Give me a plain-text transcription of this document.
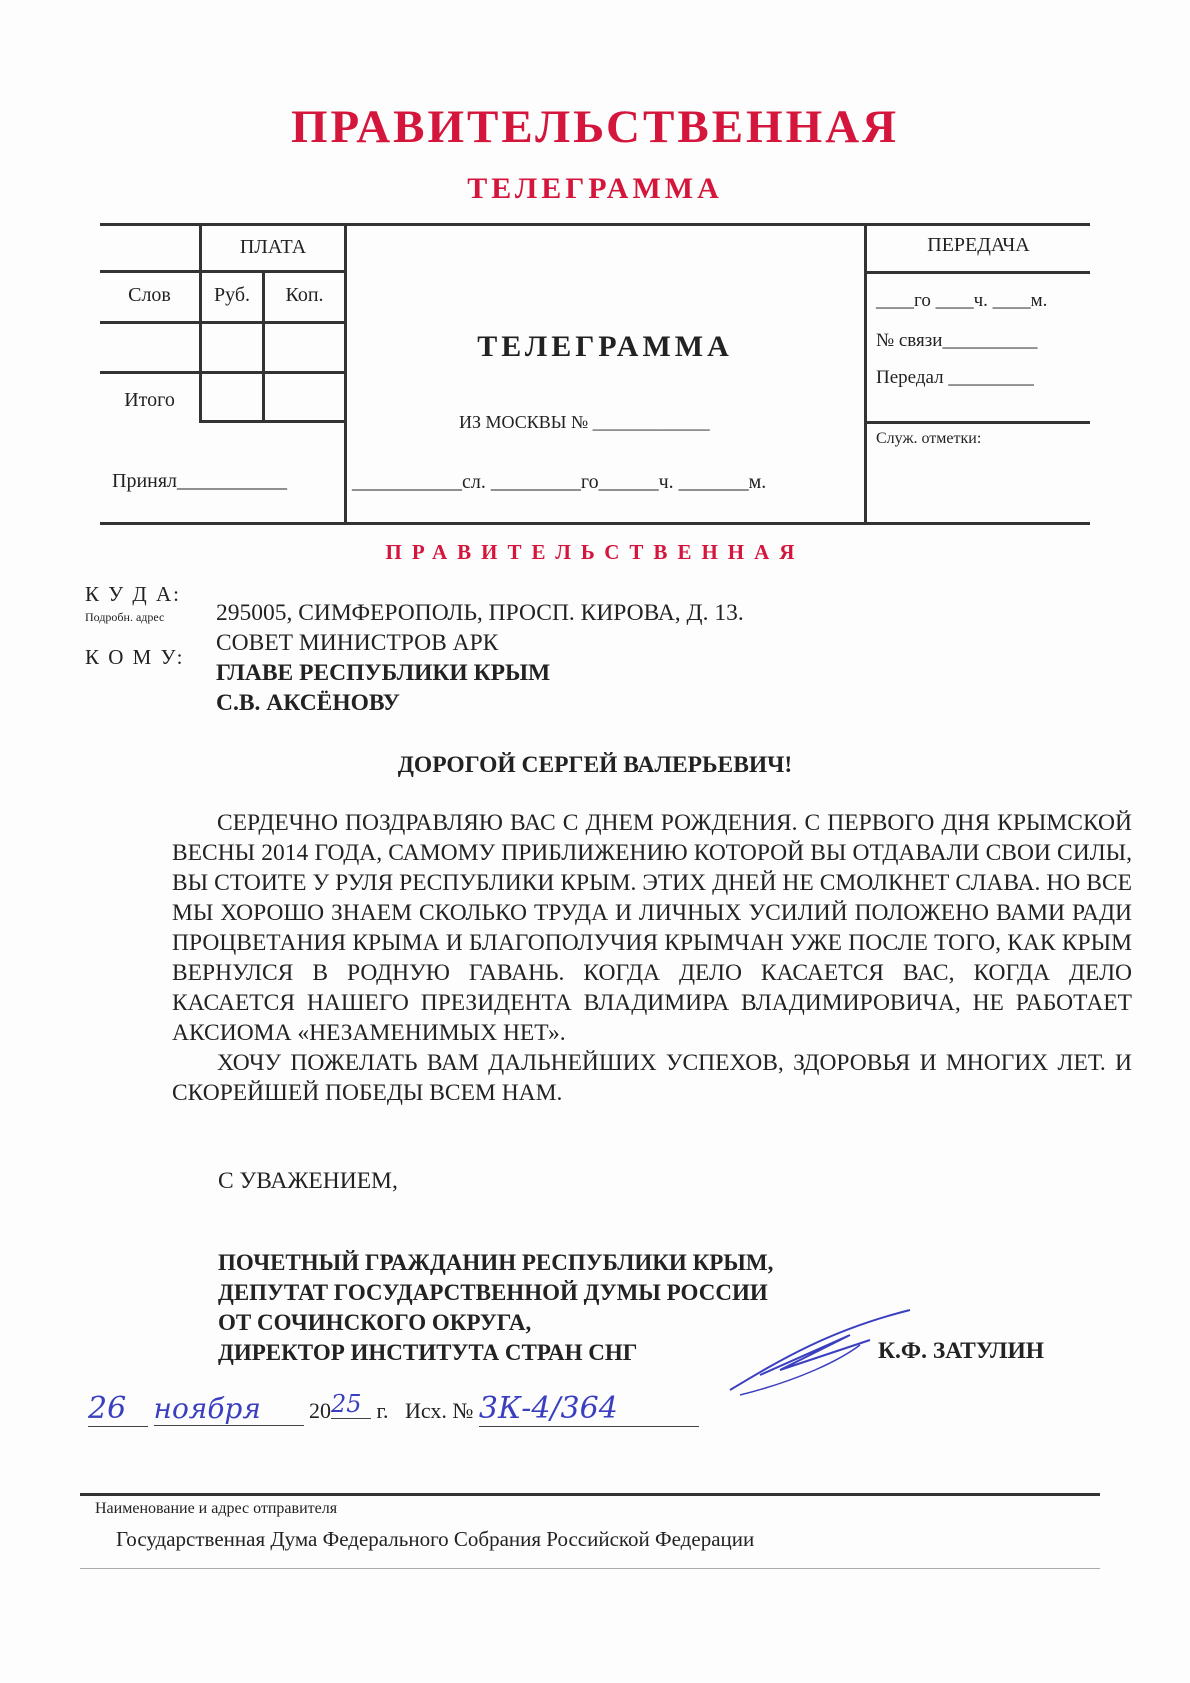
ПРАВИТЕЛЬСТВЕННАЯ
ТЕЛЕГРАММА
ПЛАТА
Слов	Руб.	Коп.
Итого
Принял___________
ТЕЛЕГРАММА
ИЗ МОСКВЫ № _____________
___________сл. _________го______ч. _______м.
ПЕРЕДАЧА
____го ____ч. ____м.
№ связи__________
Передал _________
Служ. отметки:
ПРАВИТЕЛЬСТВЕННАЯ
К У Д А:
Подробн. адрес 295005, СИМФЕРОПОЛЬ, ПРОСП. КИРОВА, Д. 13.
К О М У:
СОВЕТ МИНИСТРОВ АРК
ГЛАВЕ РЕСПУБЛИКИ КРЫМ
С.В. АКСЁНОВУ
ДОРОГОЙ СЕРГЕЙ ВАЛЕРЬЕВИЧ!

СЕРДЕЧНО ПОЗДРАВЛЯЮ ВАС С ДНЕМ РОЖДЕНИЯ. С ПЕРВОГО ДНЯ КРЫМСКОЙ ВЕСНЫ 2014 ГОДА, САМОМУ ПРИБЛИЖЕНИЮ КОТОРОЙ ВЫ ОТДАВАЛИ СВОИ СИЛЫ, ВЫ СТОИТЕ У РУЛЯ РЕСПУБЛИКИ КРЫМ. ЭТИХ ДНЕЙ НЕ СМОЛКНЕТ СЛАВА. НО ВСЕ МЫ ХОРОШО ЗНАЕМ СКОЛЬКО ТРУДА И ЛИЧНЫХ УСИЛИЙ ПОЛОЖЕНО ВАМИ РАДИ ПРОЦВЕТАНИЯ КРЫМА И БЛАГОПОЛУЧИЯ КРЫМЧАН УЖЕ ПОСЛЕ ТОГО, КАК КРЫМ ВЕРНУЛСЯ В РОДНУЮ ГАВАНЬ. КОГДА ДЕЛО КАСАЕТСЯ ВАС, КОГДА ДЕЛО КАСАЕТСЯ НАШЕГО ПРЕЗИДЕНТА ВЛАДИМИРА ВЛАДИМИРОВИЧА, НЕ РАБОТАЕТ АКСИОМА «НЕЗАМЕНИМЫХ НЕТ».

ХОЧУ ПОЖЕЛАТЬ ВАМ ДАЛЬНЕЙШИХ УСПЕХОВ, ЗДОРОВЬЯ И МНОГИХ ЛЕТ. И СКОРЕЙШЕЙ ПОБЕДЫ ВСЕМ НАМ.

С УВАЖЕНИЕМ,
ПОЧЕТНЫЙ ГРАЖДАНИН РЕСПУБЛИКИ КРЫМ,
ДЕПУТАТ ГОСУДАРСТВЕННОЙ ДУМЫ РОССИИ
ОТ СОЧИНСКОГО ОКРУГА,
ДИРЕКТОР ИНСТИТУТА СТРАН СНГ	К.Ф. ЗАТУЛИН
26 ноября 2025 г. Исх. № 3К-4/364
Наименование и адрес отправителя
Государственная Дума Федерального Собрания Российской Федерации
